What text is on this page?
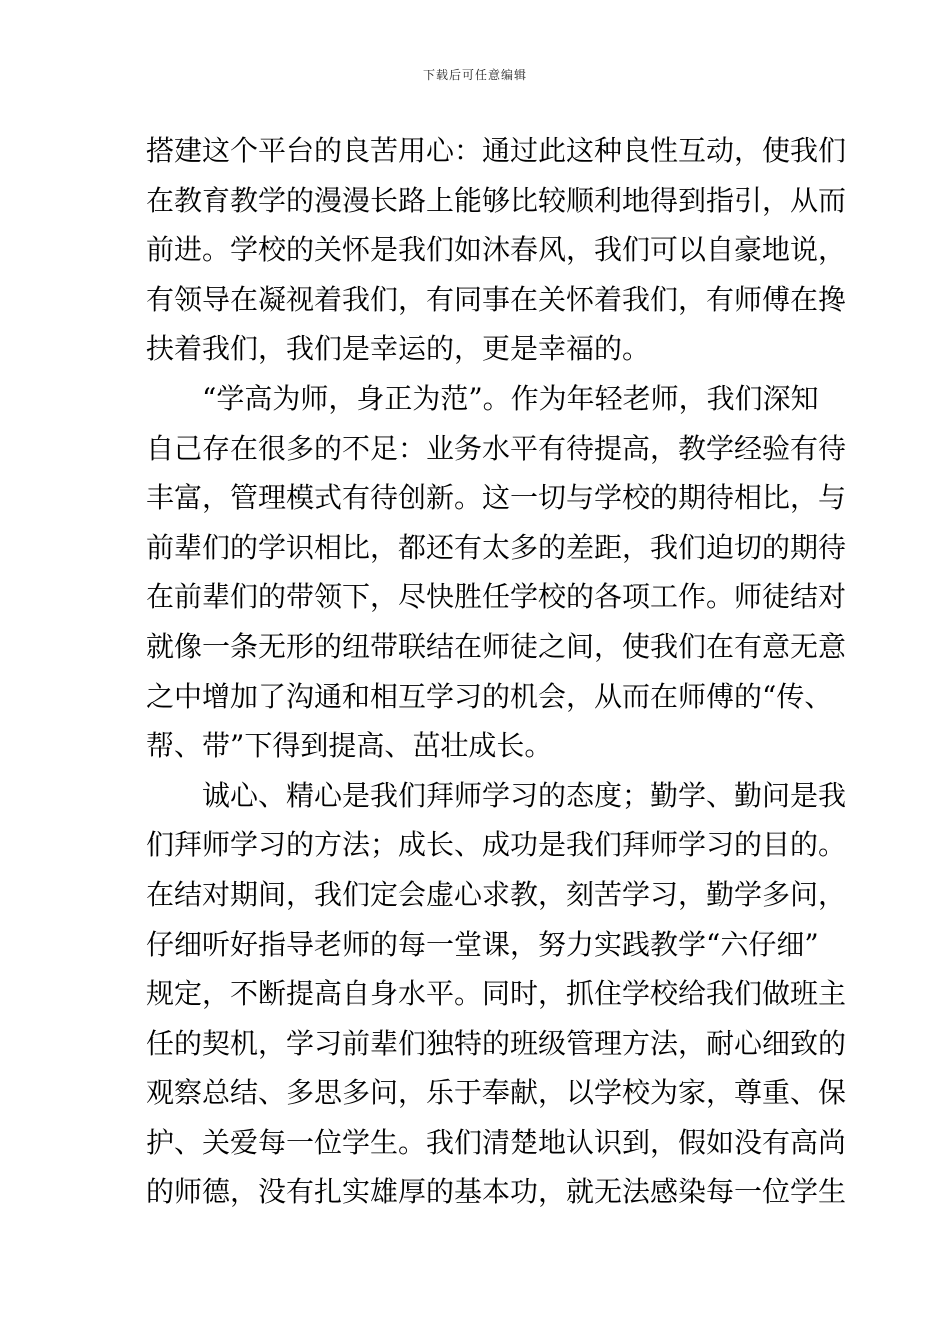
下载后可任意编辑
搭建这个平台的良苦用心：通过此这种良性互动，使我们
在教育教学的漫漫长路上能够比较顺利地得到指引，从而
前进。学校的关怀是我们如沐春风，我们可以自豪地说，
有领导在凝视着我们，有同事在关怀着我们，有师傅在搀
扶着我们，我们是幸运的，更是幸福的。
“学高为师，身正为范”。作为年轻老师，我们深知
自己存在很多的不足：业务水平有待提高，教学经验有待
丰富，管理模式有待创新。这一切与学校的期待相比，与
前辈们的学识相比，都还有太多的差距，我们迫切的期待
在前辈们的带领下，尽快胜任学校的各项工作。师徒结对
就像一条无形的纽带联结在师徒之间，使我们在有意无意
之中增加了沟通和相互学习的机会，从而在师傅的“传、
帮、带”下得到提高、茁壮成长。
诚心、精心是我们拜师学习的态度；勤学、勤问是我
们拜师学习的方法；成长、成功是我们拜师学习的目的。
在结对期间，我们定会虚心求教，刻苦学习，勤学多问，
仔细听好指导老师的每一堂课，努力实践教学“六仔细”
规定，不断提高自身水平。同时，抓住学校给我们做班主
任的契机，学习前辈们独特的班级管理方法，耐心细致的
观察总结、多思多问，乐于奉献，以学校为家，尊重、保
护、关爱每一位学生。我们清楚地认识到，假如没有高尚
的师德，没有扎实雄厚的基本功，就无法感染每一位学生
